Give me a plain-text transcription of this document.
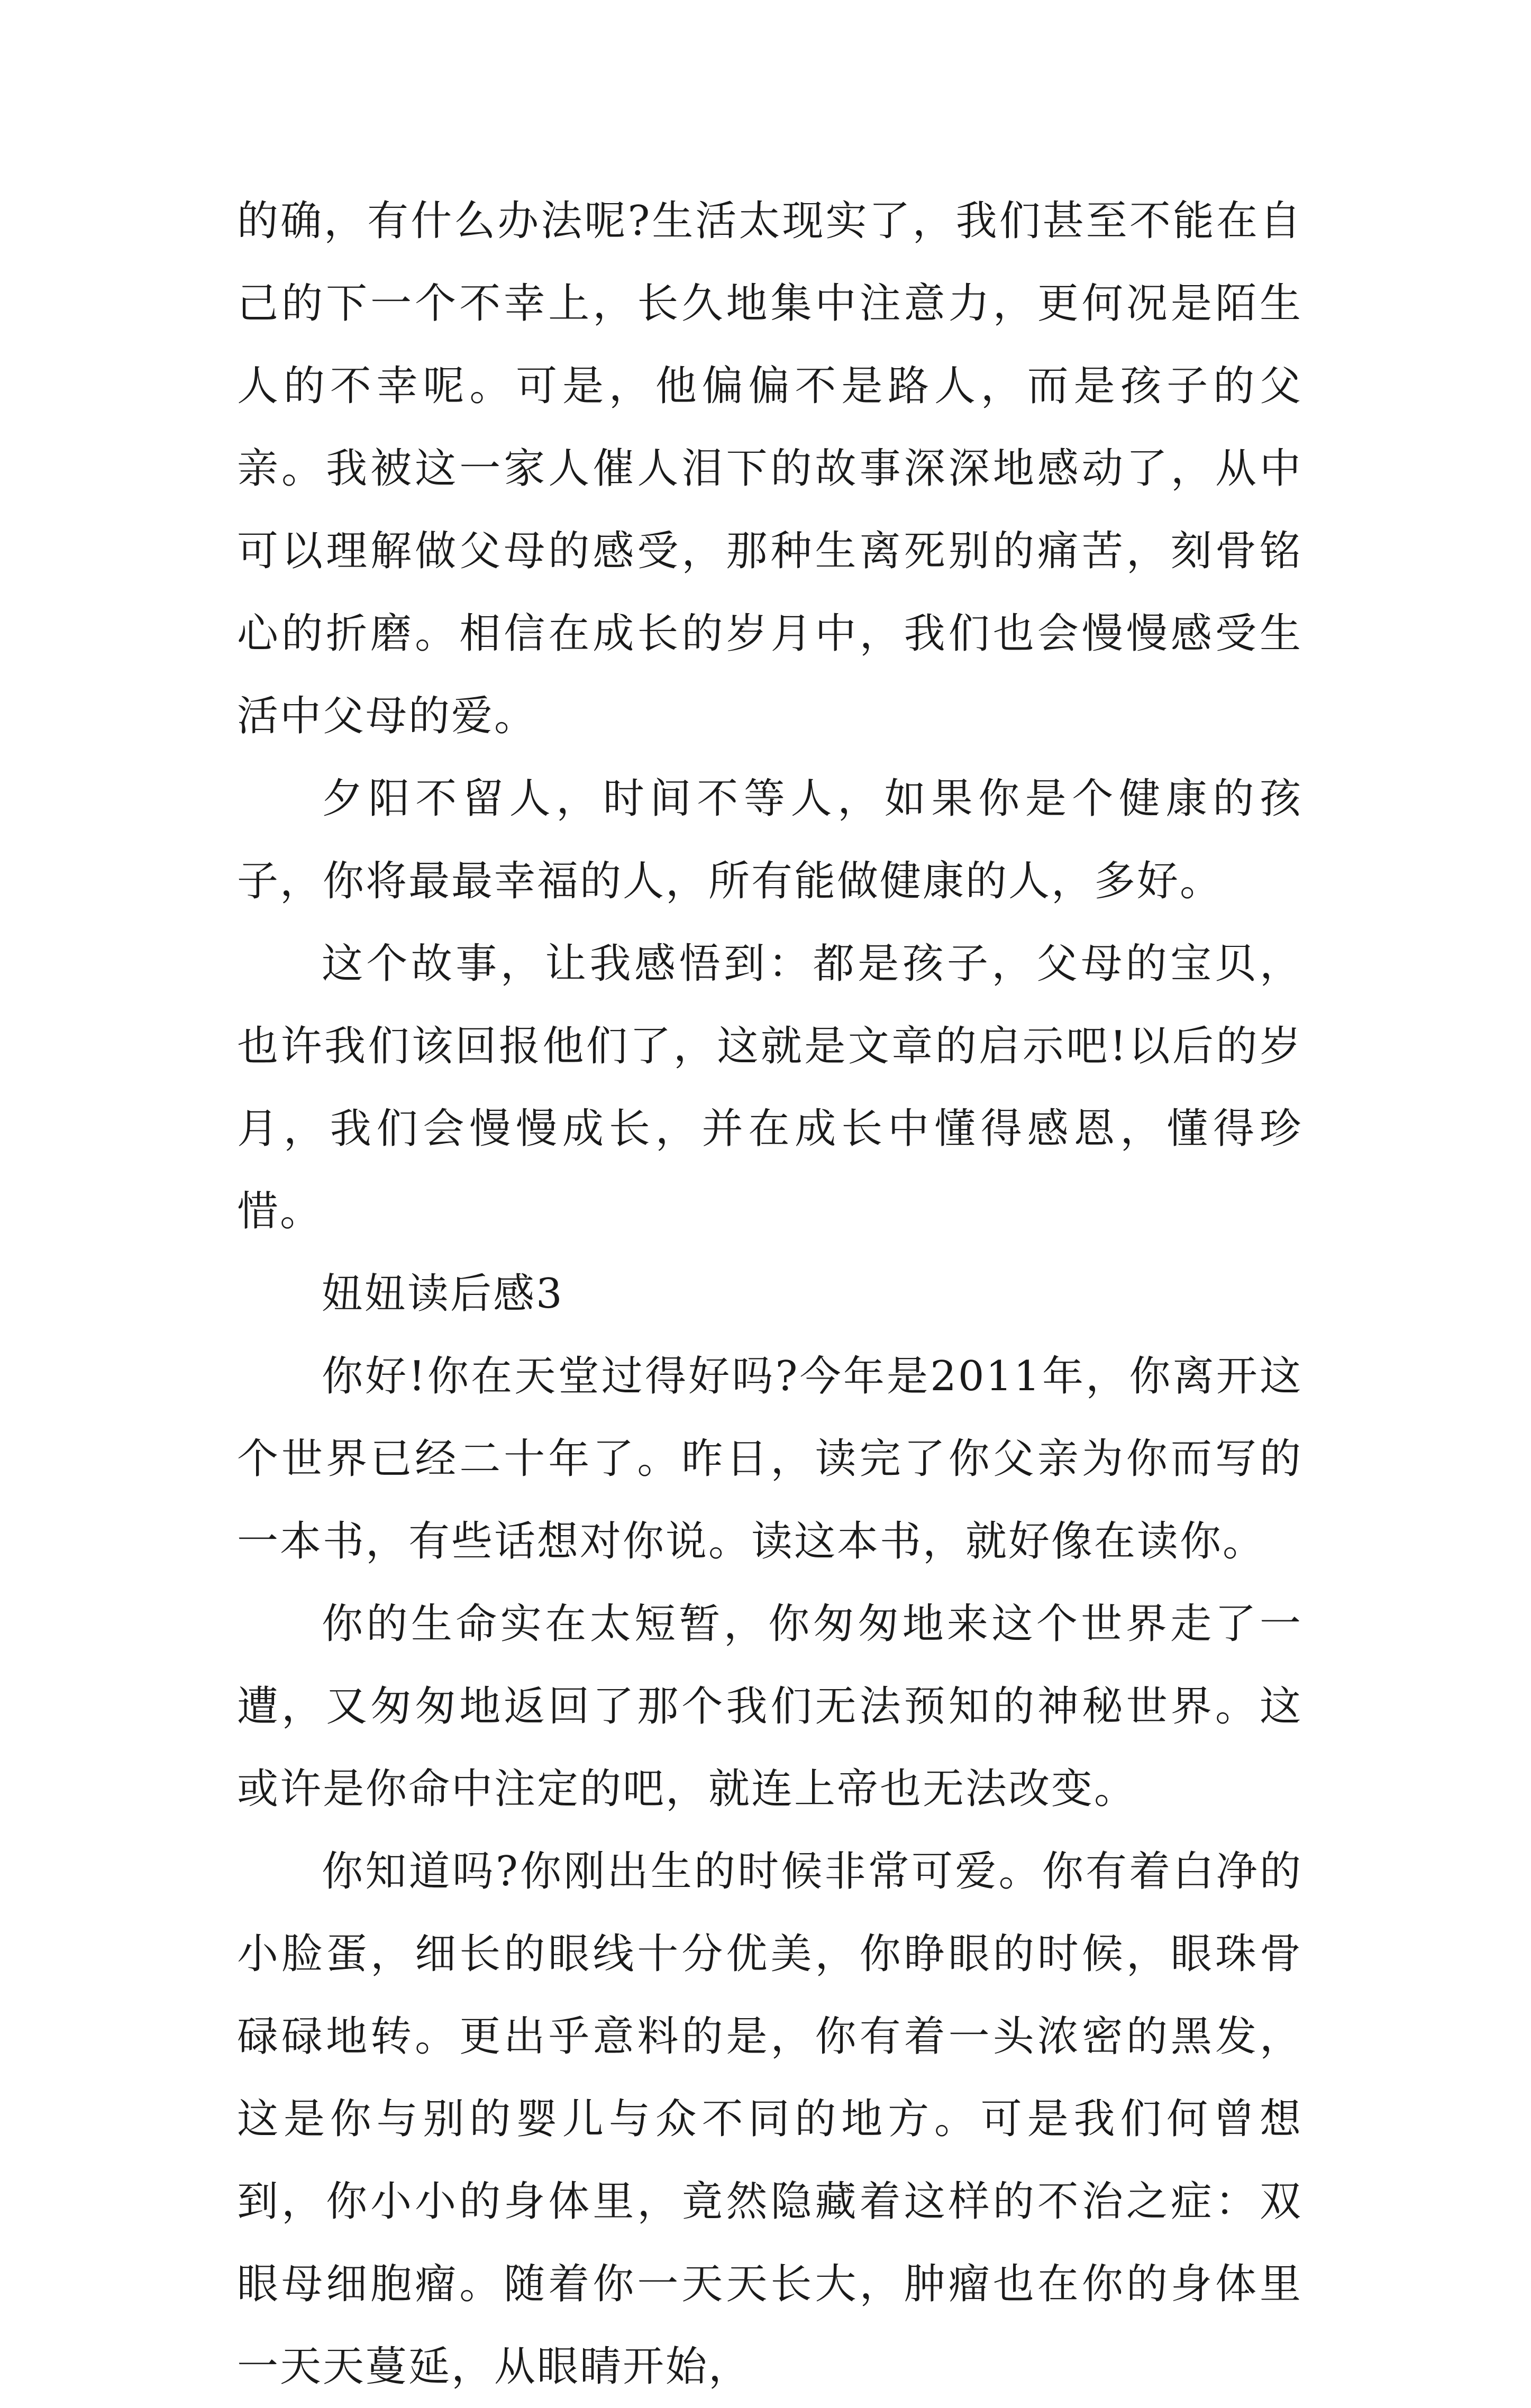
的确，有什么办法呢?生活太现实了，我们甚至不能在自己的下一个不幸上，长久地集中注意力，更何况是陌生人的不幸呢。可是，他偏偏不是路人，而是孩子的父亲。我被这一家人催人泪下的故事深深地感动了，从中可以理解做父母的感受，那种生离死别的痛苦，刻骨铭心的折磨。相信在成长的岁月中，我们也会慢慢感受生活中父母的爱。

夕阳不留人，时间不等人，如果你是个健康的孩子，你将最最幸福的人，所有能做健康的人，多好。

这个故事，让我感悟到：都是孩子，父母的宝贝，也许我们该回报他们了，这就是文章的启示吧!以后的岁月，我们会慢慢成长，并在成长中懂得感恩，懂得珍惜。

妞妞读后感3

你好!你在天堂过得好吗?今年是2011年，你离开这个世界已经二十年了。昨日，读完了你父亲为你而写的一本书，有些话想对你说。读这本书，就好像在读你。

你的生命实在太短暂，你匆匆地来这个世界走了一遭，又匆匆地返回了那个我们无法预知的神秘世界。这或许是你命中注定的吧，就连上帝也无法改变。

你知道吗?你刚出生的时候非常可爱。你有着白净的小脸蛋，细长的眼线十分优美，你睁眼的时候，眼珠骨碌碌地转。更出乎意料的是，你有着一头浓密的黑发，这是你与别的婴儿与众不同的地方。可是我们何曾想到，你小小的身体里，竟然隐藏着这样的不治之症：双眼母细胞瘤。随着你一天天长大，肿瘤也在你的身体里一天天蔓延，从眼睛开始，
